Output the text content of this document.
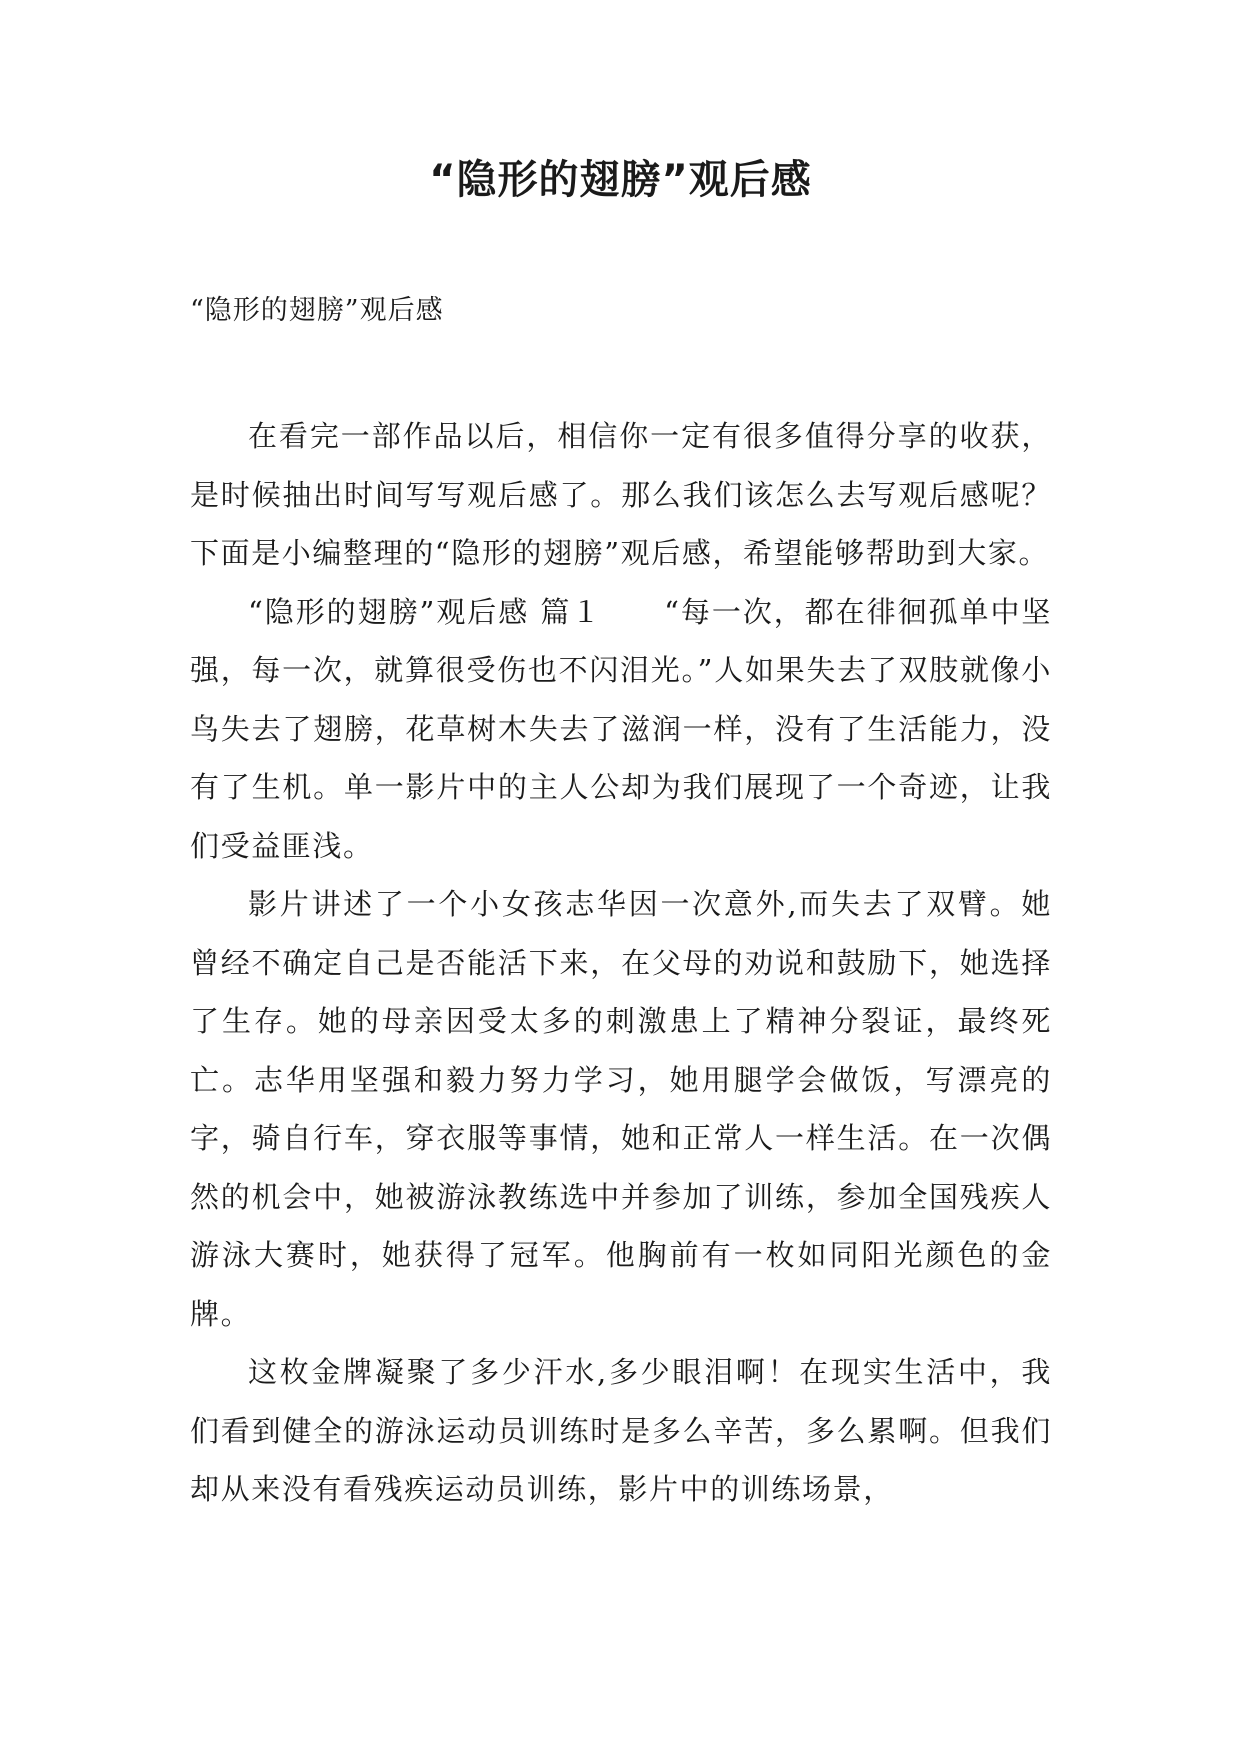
“隐形的翅膀”观后感

“隐形的翅膀”观后感

在看完一部作品以后，相信你一定有很多值得分享的收获，是时候抽出时间写写观后感了。那么我们该怎么去写观后感呢？下面是小编整理的“隐形的翅膀”观后感，希望能够帮助到大家。

“隐形的翅膀”观后感 篇１　　“每一次，都在徘徊孤单中坚强，每一次，就算很受伤也不闪泪光。”人如果失去了双肢就像小鸟失去了翅膀，花草树木失去了滋润一样，没有了生活能力，没有了生机。单一影片中的主人公却为我们展现了一个奇迹，让我们受益匪浅。

影片讲述了一个小女孩志华因一次意外,而失去了双臂。她曾经不确定自己是否能活下来，在父母的劝说和鼓励下，她选择了生存。她的母亲因受太多的刺激患上了精神分裂证，最终死亡。志华用坚强和毅力努力学习，她用腿学会做饭，写漂亮的字，骑自行车，穿衣服等事情，她和正常人一样生活。在一次偶然的机会中，她被游泳教练选中并参加了训练，参加全国残疾人游泳大赛时，她获得了冠军。他胸前有一枚如同阳光颜色的金牌。

这枚金牌凝聚了多少汗水,多少眼泪啊！在现实生活中，我们看到健全的游泳运动员训练时是多么辛苦，多么累啊。但我们却从来没有看残疾运动员训练，影片中的训练场景，
